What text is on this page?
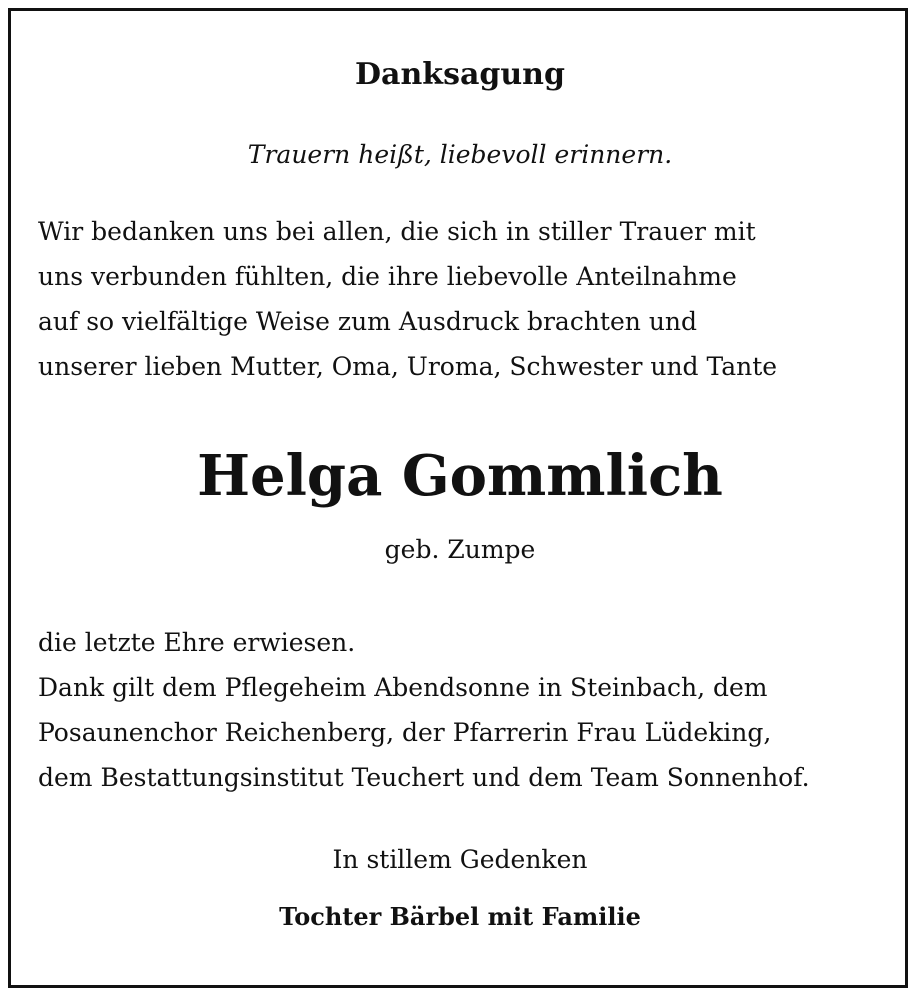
Danksagung
Trauern heißt, liebevoll erinnern.
Wir bedanken uns bei allen, die sich in stiller Trauer mit
uns verbunden fühlten, die ihre liebevolle Anteilnahme
auf so vielfältige Weise zum Ausdruck brachten und
unserer lieben Mutter, Oma, Uroma, Schwester und Tante
Helga Gommlich
geb. Zumpe
die letzte Ehre erwiesen.
Dank gilt dem Pflegeheim Abendsonne in Steinbach, dem
Posaunenchor Reichenberg, der Pfarrerin Frau Lüdeking,
dem Bestattungsinstitut Teuchert und dem Team Sonnenhof.
In stillem Gedenken
Tochter Bärbel mit Familie
